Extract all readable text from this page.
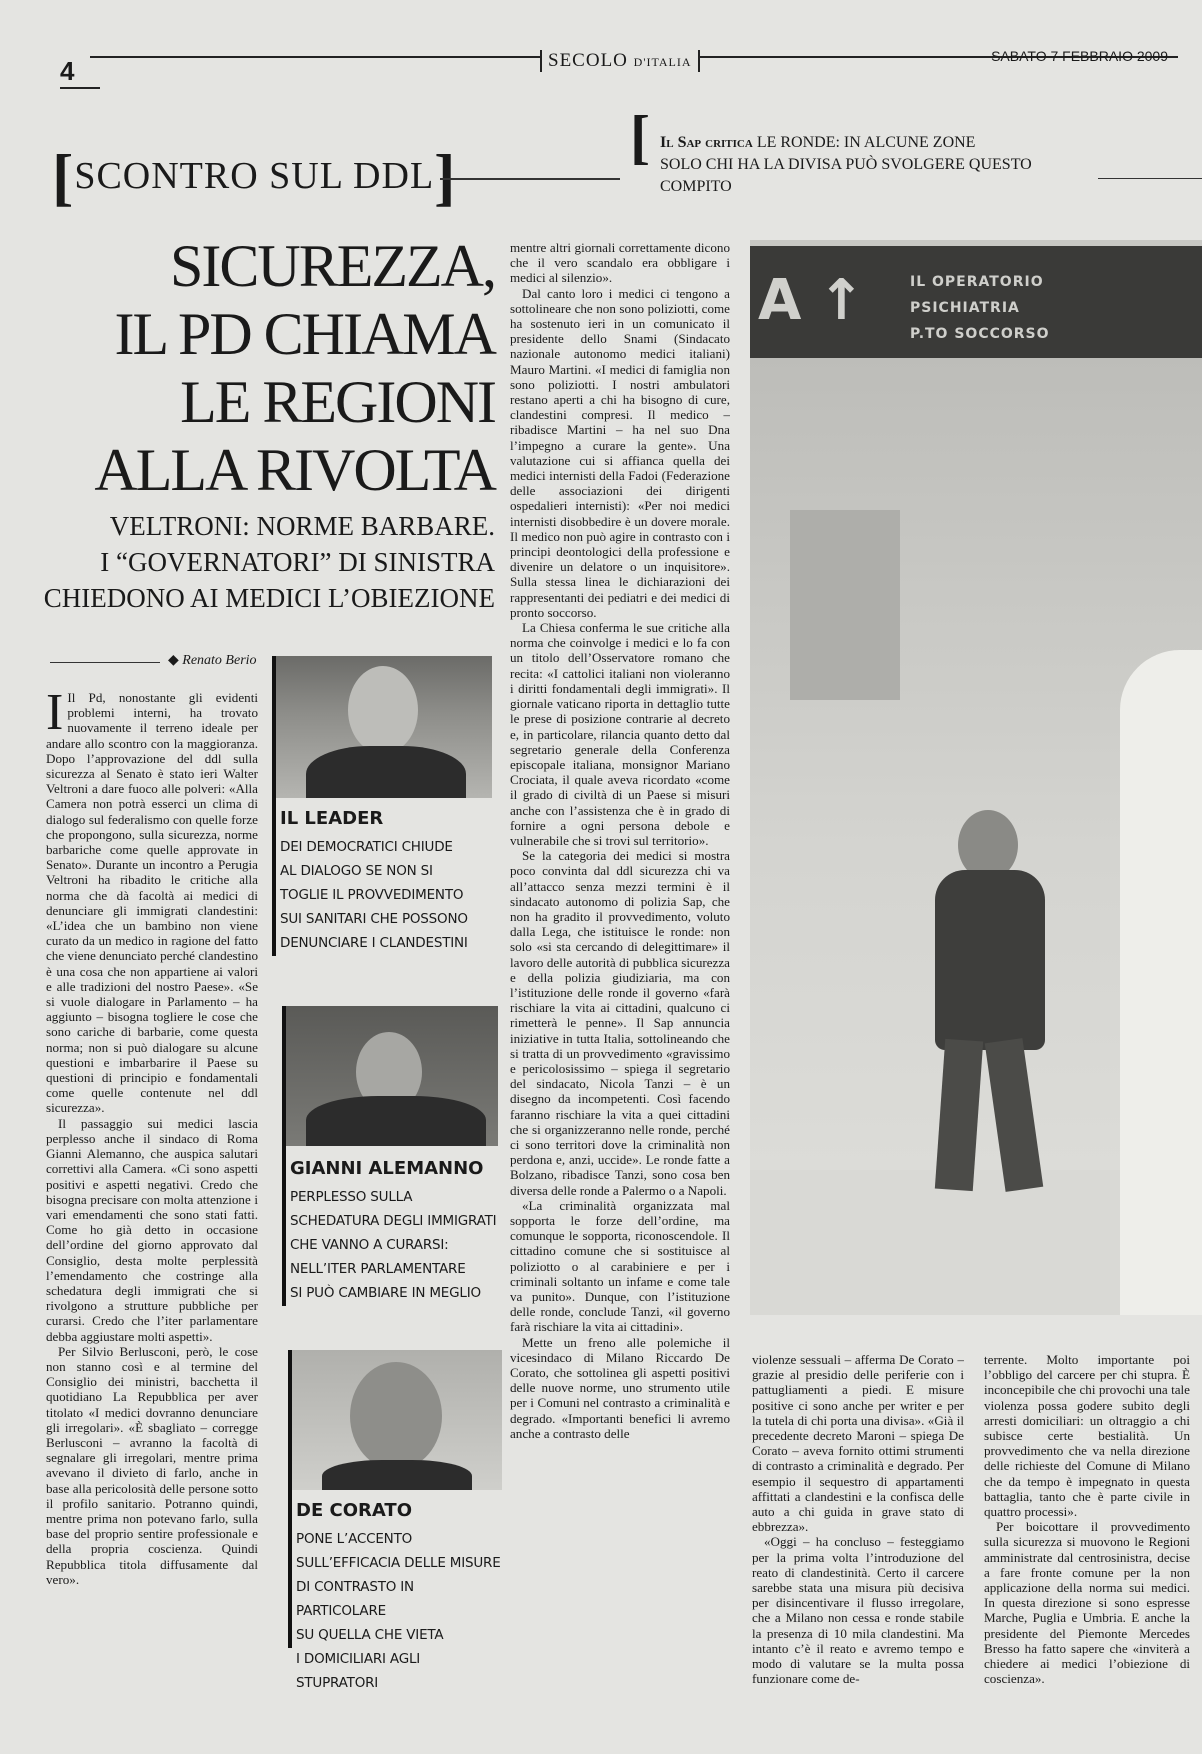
4	SECOLO D'ITALIA	SABATO 7 FEBBRAIO 2009
[SCONTRO SUL DDL]
[ Il Sap critica LE RONDE: IN ALCUNE ZONE
SOLO CHI HA LA DIVISA PUÒ SVOLGERE QUESTO COMPITO
SICUREZZA,
IL PD CHIAMA
LE REGIONI
ALLA RIVOLTA
VELTRONI: NORME BARBARE.
I “GOVERNATORI” DI SINISTRA
CHIEDONO AI MEDICI L’OBIEZIONE
◆ Renato Berio

I Il Pd, nonostante gli evidenti problemi interni, ha trovato nuovamente il terreno ideale per andare allo scontro con la maggioranza. Dopo l’approvazione del ddl sulla sicurezza al Senato è stato ieri Walter Veltroni a dare fuoco alle polveri: «Alla Camera non potrà esserci un clima di dialogo sul federalismo con quelle forze che propongono, sulla sicurezza, norme barbariche come quelle approvate in Senato». Durante un incontro a Perugia Veltroni ha ribadito le critiche alla norma che dà facoltà ai medici di denunciare gli immigrati clandestini: «L’idea che un bambino non viene curato da un medico in ragione del fatto che viene denunciato perché clandestino è una cosa che non appartiene ai valori e alle tradizioni del nostro Paese». «Se si vuole dialogare in Parlamento – ha aggiunto – bisogna togliere le cose che sono cariche di barbarie, come questa norma; non si può dialogare su alcune questioni e imbarbarire il Paese su questioni di principio e fondamentali come quelle contenute nel ddl sicurezza».

Il passaggio sui medici lascia perplesso anche il sindaco di Roma Gianni Alemanno, che auspica salutari correttivi alla Camera. «Ci sono aspetti positivi e aspetti negativi. Credo che bisogna precisare con molta attenzione i vari emendamenti che sono stati fatti. Come ho già detto in occasione dell’ordine del giorno approvato dal Consiglio, desta molte perplessità l’emendamento che costringe alla schedatura degli immigrati che si rivolgono a strutture pubbliche per curarsi. Credo che l’iter parlamentare debba aggiustare molti aspetti».

Per Silvio Berlusconi, però, le cose non stanno così e al termine del Consiglio dei ministri, bacchetta il quotidiano La Repubblica per aver titolato «I medici dovranno denunciare gli irregolari». «È sbagliato – corregge Berlusconi – avranno la facoltà di segnalare gli irregolari, mentre prima avevano il divieto di farlo, anche in base alla pericolosità delle persone sotto il profilo sanitario. Potranno quindi, mentre prima non potevano farlo, sulla base del proprio sentire professionale e della propria coscienza. Quindi Repubblica titola diffusamente dal vero».

IL LEADER
DEI DEMOCRATICI CHIUDE
AL DIALOGO SE NON SI
TOGLIE IL PROVVEDIMENTO
SUI SANITARI CHE POSSONO
DENUNCIARE I CLANDESTINI
GIANNI ALEMANNO
PERPLESSO SULLA
SCHEDATURA DEGLI IMMIGRATI
CHE VANNO A CURARSI:
NELL’ITER PARLAMENTARE
SI PUÒ CAMBIARE IN MEGLIO
DE CORATO
PONE L’ACCENTO
SULL’EFFICACIA DELLE MISURE
DI CONTRASTO IN PARTICOLARE
SU QUELLA CHE VIETA
I DOMICILIARI AGLI STUPRATORI

mentre altri giornali correttamente dicono che il vero scandalo era obbligare i medici al silenzio».

Dal canto loro i medici ci tengono a sottolineare che non sono poliziotti, come ha sostenuto ieri in un comunicato il presidente dello Snami (Sindacato nazionale autonomo medici italiani) Mauro Martini. «I medici di famiglia non sono poliziotti. I nostri ambulatori restano aperti a chi ha bisogno di cure, clandestini compresi. Il medico – ribadisce Martini – ha nel suo Dna l’impegno a curare la gente». Una valutazione cui si affianca quella dei medici internisti della Fadoi (Federazione delle associazioni dei dirigenti ospedalieri internisti): «Per noi medici internisti disobbedire è un dovere morale. Il medico non può agire in contrasto con i principi deontologici della professione e divenire un delatore o un inquisitore». Sulla stessa linea le dichiarazioni dei rappresentanti dei pediatri e dei medici di pronto soccorso.

La Chiesa conferma le sue critiche alla norma che coinvolge i medici e lo fa con un titolo dell’Osservatore romano che recita: «I cattolici italiani non violeranno i diritti fondamentali degli immigrati». Il giornale vaticano riporta in dettaglio tutte le prese di posizione contrarie al decreto e, in particolare, rilancia quanto detto dal segretario generale della Conferenza episcopale italiana, monsignor Mariano Crociata, il quale aveva ricordato «come il grado di civiltà di un Paese si misuri anche con l’assistenza che è in grado di fornire a ogni persona debole e vulnerabile che si trovi sul territorio».

Se la categoria dei medici si mostra poco convinta dal ddl sicurezza chi va all’attacco senza mezzi termini è il sindacato autonomo di polizia Sap, che non ha gradito il provvedimento, voluto dalla Lega, che istituisce le ronde: non solo «si sta cercando di delegittimare» il lavoro delle autorità di pubblica sicurezza e della polizia giudiziaria, ma con l’istituzione delle ronde il governo «farà rischiare la vita ai cittadini, qualcuno ci rimetterà le penne». Il Sap annuncia iniziative in tutta Italia, sottolineando che si tratta di un provvedimento «gravissimo e pericolosissimo – spiega il segretario del sindacato, Nicola Tanzi – è un disegno da incompetenti. Così facendo faranno rischiare la vita a quei cittadini che si organizzeranno nelle ronde, perché ci sono territori dove la criminalità non perdona e, anzi, uccide». Le ronde fatte a Bolzano, ribadisce Tanzi, sono cosa ben diversa delle ronde a Palermo o a Napoli.

«La criminalità organizzata mal sopporta le forze dell’ordine, ma comunque le sopporta, riconoscendole. Il cittadino comune che si sostituisce al poliziotto o al carabiniere e per i criminali soltanto un infame e come tale va punito». Dunque, con l’istituzione delle ronde, conclude Tanzi, «il governo farà rischiare la vita ai cittadini».

Mette un freno alle polemiche il vicesindaco di Milano Riccardo De Corato, che sottolinea gli aspetti positivi delle nuove norme, uno strumento utile per i Comuni nel contrasto a criminalità e degrado. «Importanti benefici li avremo anche a contrasto delle

A ↑	IL OPERATORIO
PSICHIATRIA
P.TO SOCCORSO

violenze sessuali – afferma De Corato – grazie al presidio delle periferie con i pattugliamenti a piedi. E misure positive ci sono anche per writer e per la tutela di chi porta una divisa». «Già il precedente decreto Maroni – spiega De Corato – aveva fornito ottimi strumenti di contrasto a criminalità e degrado. Per esempio il sequestro di appartamenti affittati a clandestini e la confisca delle auto a chi guida in grave stato di ebbrezza».

«Oggi – ha concluso – festeggiamo per la prima volta l’introduzione del reato di clandestinità. Certo il carcere sarebbe stata una misura più decisiva per disincentivare il flusso irregolare, che a Milano non cessa e ronde stabile la presenza di 10 mila clandestini. Ma intanto c’è il reato e avremo tempo e modo di valutare se la multa possa funzionare come de-

terrente. Molto importante poi l’obbligo del carcere per chi stupra. È inconcepibile che chi provochi una tale violenza possa godere subito degli arresti domiciliari: un oltraggio a chi subisce certe bestialità. Un provvedimento che va nella direzione delle richieste del Comune di Milano che da tempo è impegnato in questa battaglia, tanto che è parte civile in quattro processi».

Per boicottare il provvedimento sulla sicurezza si muovono le Regioni amministrate dal centrosinistra, decise a fare fronte comune per la non applicazione della norma sui medici. In questa direzione si sono espresse Marche, Puglia e Umbria. E anche la presidente del Piemonte Mercedes Bresso ha fatto sapere che «inviterà a chiedere ai medici l’obiezione di coscienza».
